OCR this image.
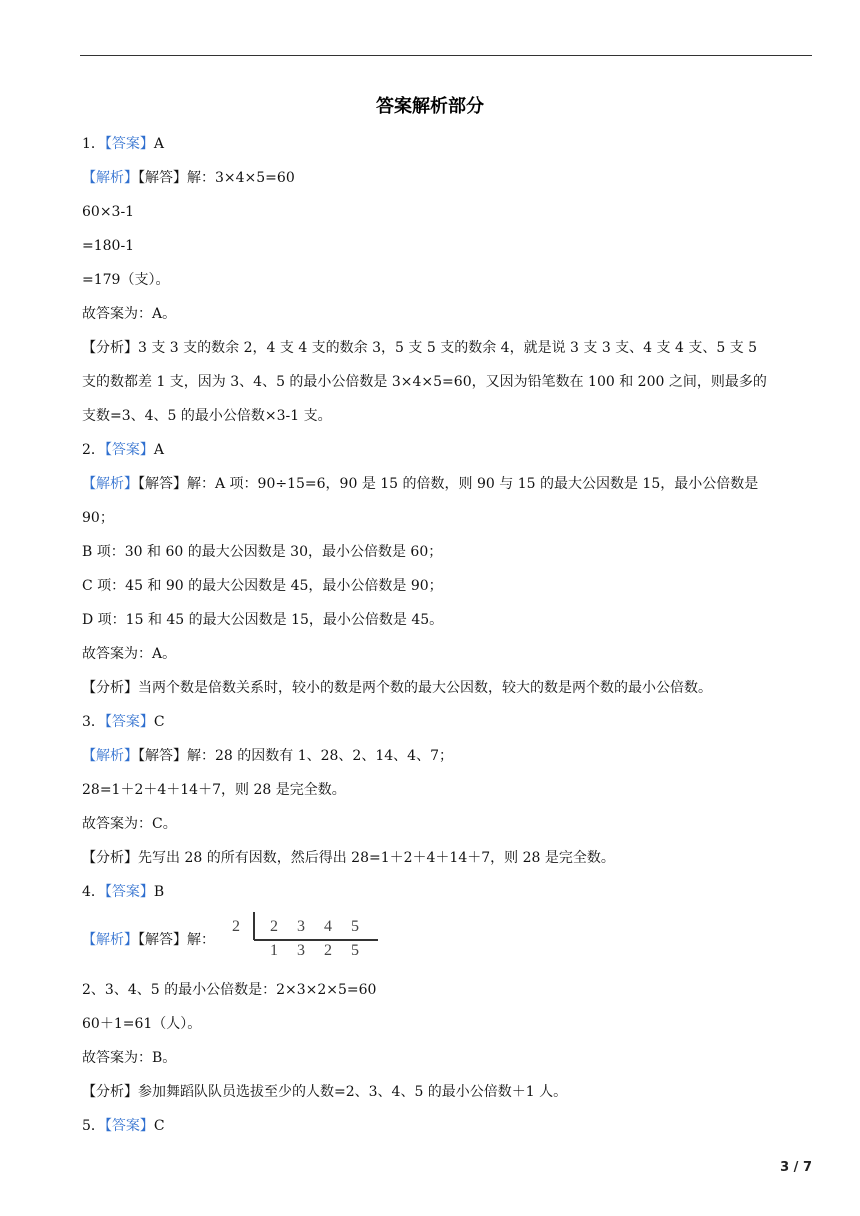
答案解析部分
1．【答案】A
【解析】【解答】解：3×4×5=60
60×3-1
=180-1
=179（支）。
故答案为：A。
【分析】3 支 3 支的数余 2，4 支 4 支的数余 3，5 支 5 支的数余 4，就是说 3 支 3 支、4 支 4 支、5 支 5
支的数都差 1 支，因为 3、4、5 的最小公倍数是 3×4×5=60，又因为铅笔数在 100 和 200 之间，则最多的
支数=3、4、5 的最小公倍数×3-1 支。
2．【答案】A
【解析】【解答】解：A 项：90÷15=6，90 是 15 的倍数，则 90 与 15 的最大公因数是 15，最小公倍数是
90；
B 项：30 和 60 的最大公因数是 30，最小公倍数是 60；
C 项：45 和 90 的最大公因数是 45，最小公倍数是 90；
D 项：15 和 45 的最大公因数是 15，最小公倍数是 45。
故答案为：A。
【分析】当两个数是倍数关系时，较小的数是两个数的最大公因数，较大的数是两个数的最小公倍数。
3．【答案】C
【解析】【解答】解：28 的因数有 1、28、2、14、4、7；
28=1＋2＋4＋14＋7，则 28 是完全数。
故答案为：C。
【分析】先写出 28 的所有因数，然后得出 28=1＋2＋4＋14＋7，则 28 是完全数。
4．【答案】B
【解析】【解答】解：
2、3、4、5 的最小公倍数是：2×3×2×5=60
60＋1=61（人）。
故答案为：B。
【分析】参加舞蹈队队员选拔至少的人数=2、3、4、5 的最小公倍数＋1 人。
5．【答案】C
2 2 3 4 5
1 3 2 5
3 / 7
